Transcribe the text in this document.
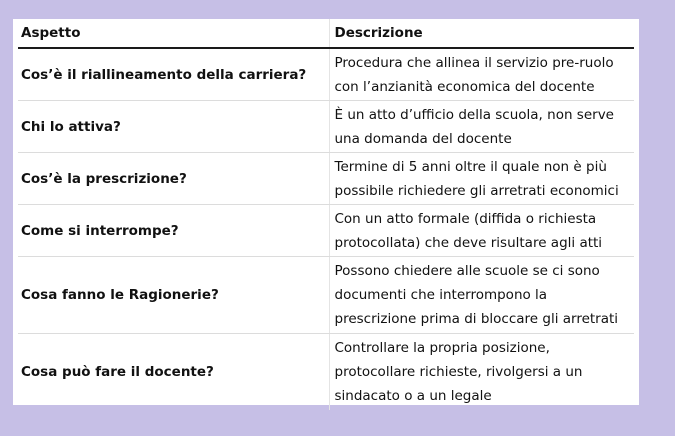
Aspetto	Descrizione
Cos’è il riallineamento della carriera?	Procedura che allinea il servizio pre-ruolo con l’anzianità economica del docente
Chi lo attiva?	È un atto d’ufficio della scuola, non serve una domanda del docente
Cos’è la prescrizione?	Termine di 5 anni oltre il quale non è più possibile richiedere gli arretrati economici
Come si interrompe?	Con un atto formale (diffida o richiesta protocollata) che deve risultare agli atti
Cosa fanno le Ragionerie?	Possono chiedere alle scuole se ci sono documenti che interrompono la prescrizione prima di bloccare gli arretrati
Cosa può fare il docente?	Controllare la propria posizione, protocollare richieste, rivolgersi a un sindacato o a un legale
